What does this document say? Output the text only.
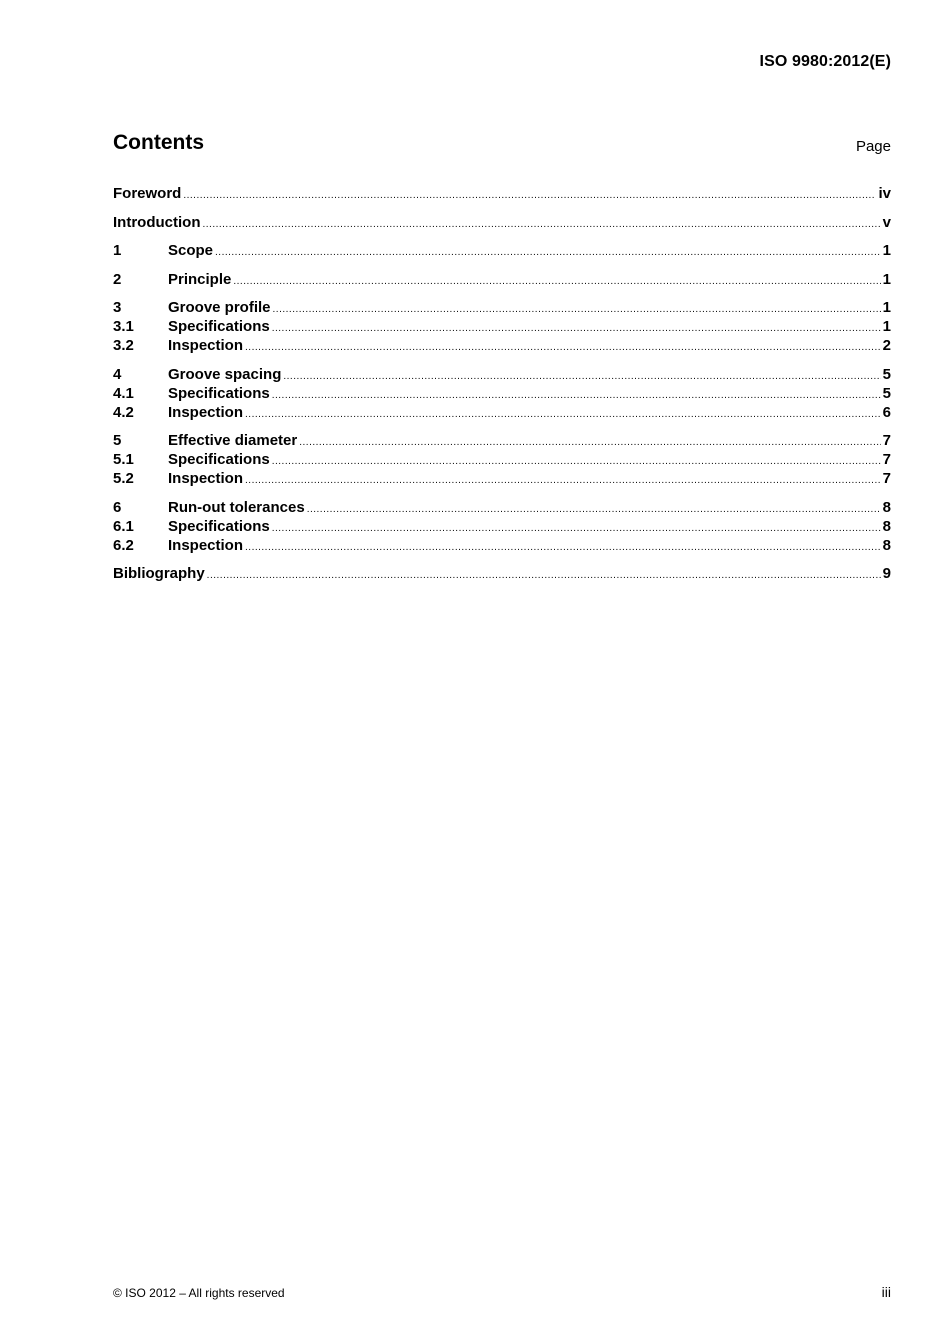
ISO 9980:2012(E)
Contents	Page
Foreword .....	iv
Introduction .....	v
1	Scope .....	1
2	Principle .....	1
3	Groove profile .....	1
3.1	Specifications .....	1
3.2	Inspection .....	2
4	Groove spacing .....	5
4.1	Specifications .....	5
4.2	Inspection .....	6
5	Effective diameter .....	7
5.1	Specifications .....	7
5.2	Inspection .....	7
6	Run-out tolerances .....	8
6.1	Specifications .....	8
6.2	Inspection .....	8
Bibliography .....	9
© ISO 2012 – All rights reserved	iii
